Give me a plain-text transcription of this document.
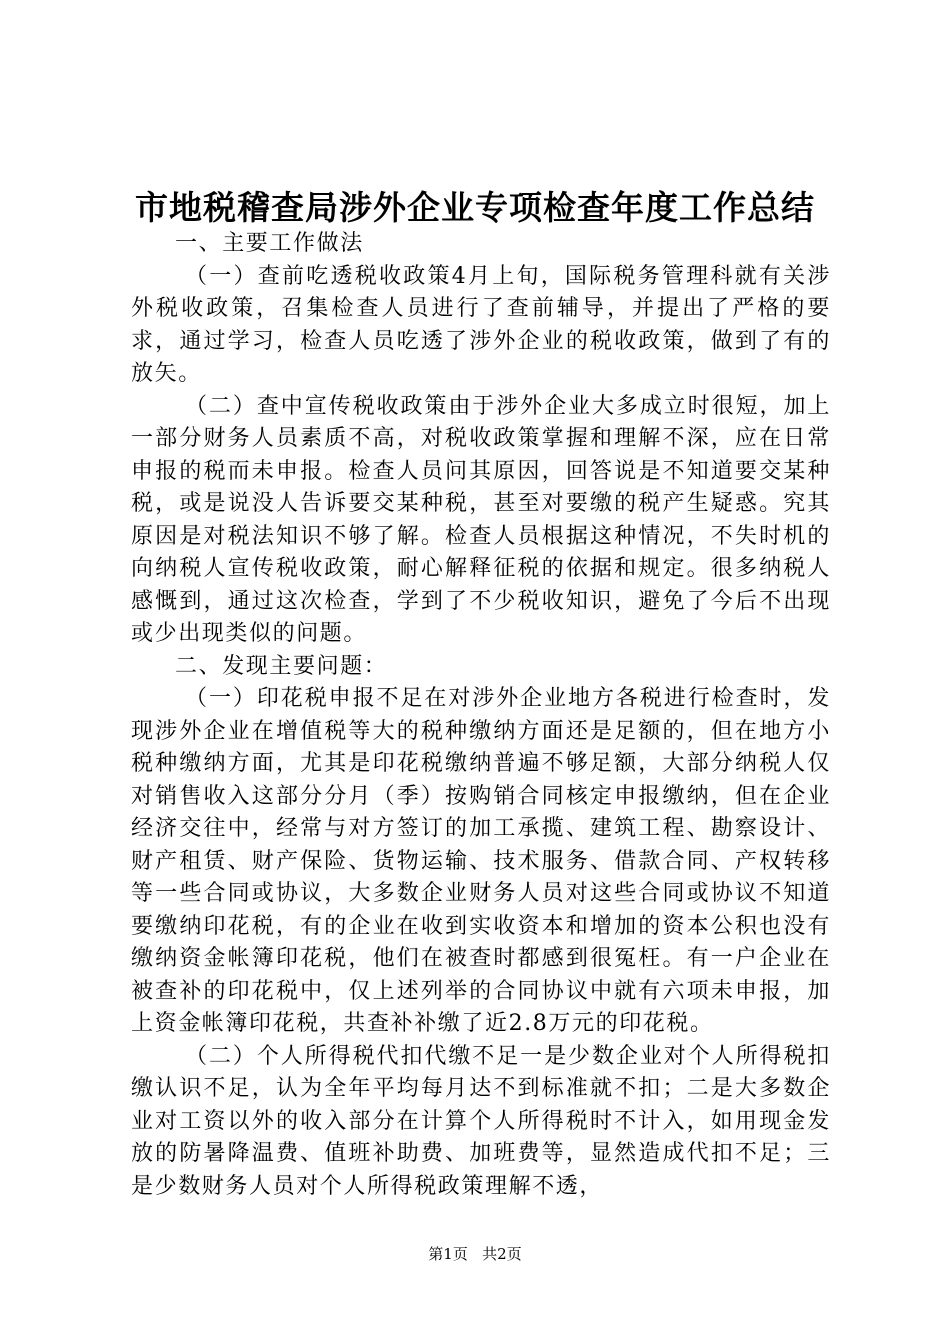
市地税稽查局涉外企业专项检查年度工作总结

一、主要工作做法

（一）查前吃透税收政策4月上旬，国际税务管理科就有关涉外税收政策，召集检查人员进行了查前辅导，并提出了严格的要求，通过学习，检查人员吃透了涉外企业的税收政策，做到了有的放矢。

（二）查中宣传税收政策由于涉外企业大多成立时很短，加上一部分财务人员素质不高，对税收政策掌握和理解不深，应在日常申报的税而未申报。检查人员问其原因，回答说是不知道要交某种税，或是说没人告诉要交某种税，甚至对要缴的税产生疑惑。究其原因是对税法知识不够了解。检查人员根据这种情况，不失时机的向纳税人宣传税收政策，耐心解释征税的依据和规定。很多纳税人感慨到，通过这次检查，学到了不少税收知识，避免了今后不出现或少出现类似的问题。

二、发现主要问题：

（一）印花税申报不足在对涉外企业地方各税进行检查时，发现涉外企业在增值税等大的税种缴纳方面还是足额的，但在地方小税种缴纳方面，尤其是印花税缴纳普遍不够足额，大部分纳税人仅对销售收入这部分分月（季）按购销合同核定申报缴纳，但在企业经济交往中，经常与对方签订的加工承揽、建筑工程、勘察设计、财产租赁、财产保险、货物运输、技术服务、借款合同、产权转移等一些合同或协议，大多数企业财务人员对这些合同或协议不知道要缴纳印花税，有的企业在收到实收资本和增加的资本公积也没有缴纳资金帐簿印花税，他们在被查时都感到很冤枉。有一户企业在被查补的印花税中，仅上述列举的合同协议中就有六项未申报，加上资金帐簿印花税，共查补补缴了近2.8万元的印花税。

（二）个人所得税代扣代缴不足一是少数企业对个人所得税扣缴认识不足，认为全年平均每月达不到标准就不扣；二是大多数企业对工资以外的收入部分在计算个人所得税时不计入，如用现金发放的防暑降温费、值班补助费、加班费等，显然造成代扣不足；三是少数财务人员对个人所得税政策理解不透，

第1页 共2页
